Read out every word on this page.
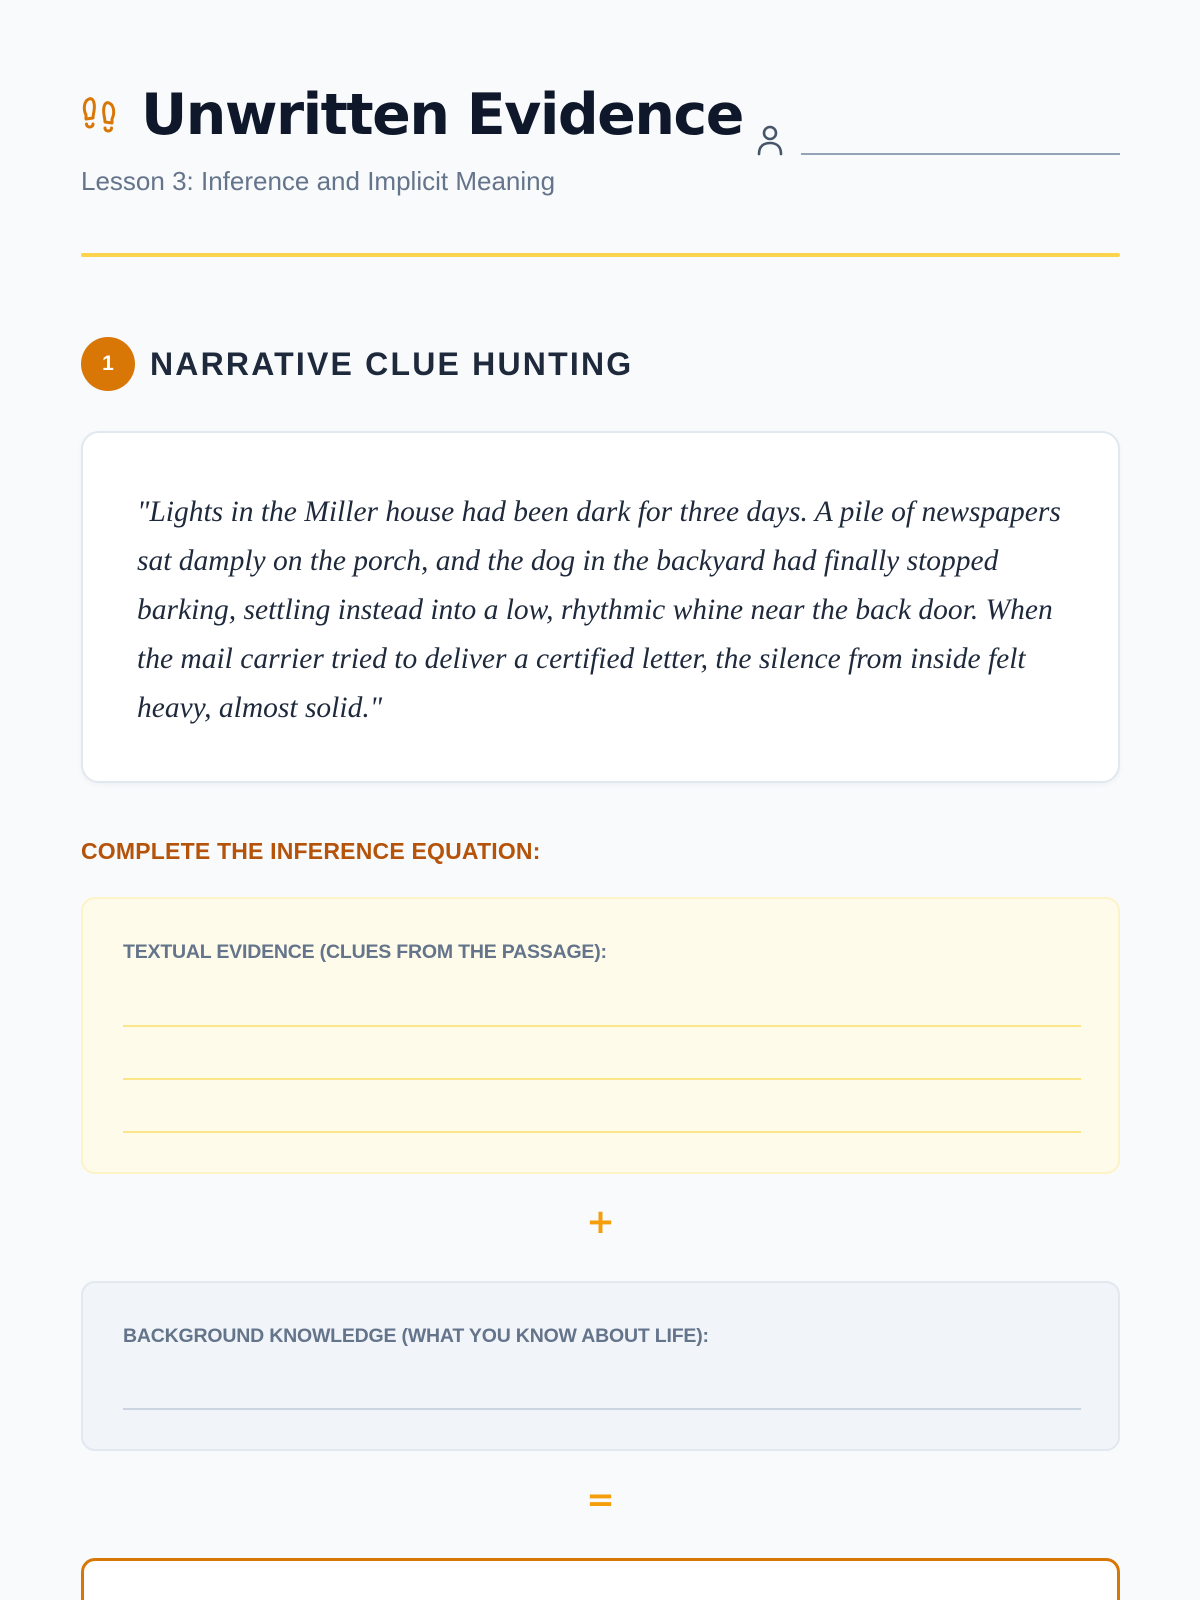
Unwritten Evidence
Lesson 3: Inference and Implicit Meaning
1	NARRATIVE CLUE HUNTING

"Lights in the Miller house had been dark for three days. A pile of newspapers sat damply on the porch, and the dog in the backyard had finally stopped barking, settling instead into a low, rhythmic whine near the back door. When the mail carrier tried to deliver a certified letter, the silence from inside felt heavy, almost solid."

COMPLETE THE INFERENCE EQUATION:
TEXTUAL EVIDENCE (CLUES FROM THE PASSAGE):
+
BACKGROUND KNOWLEDGE (WHAT YOU KNOW ABOUT LIFE):
=
